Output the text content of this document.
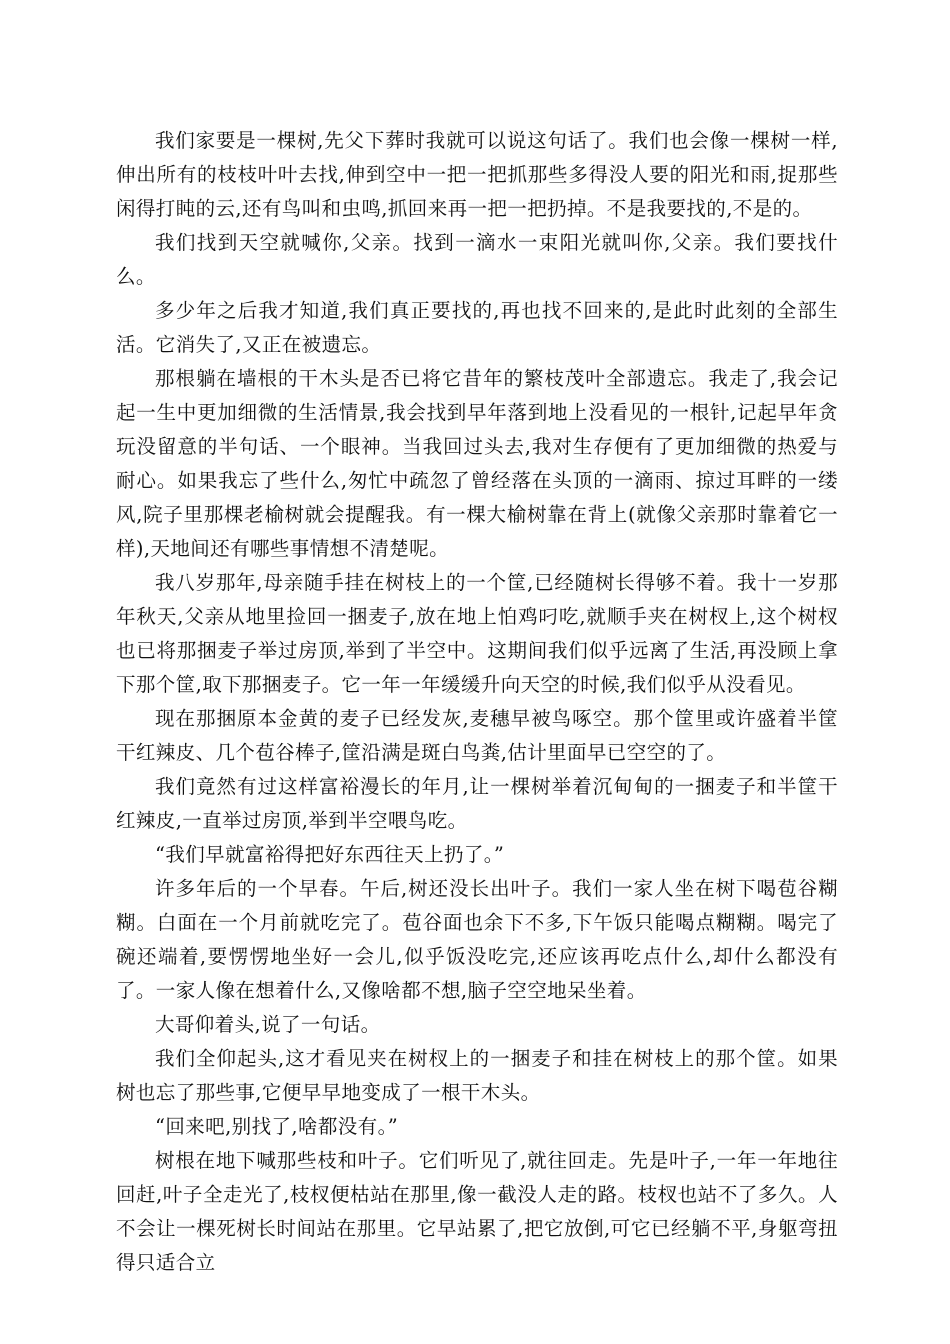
我们家要是一棵树,先父下葬时我就可以说这句话了。我们也会像一棵树一样,伸出所有的枝枝叶叶去找,伸到空中一把一把抓那些多得没人要的阳光和雨,捉那些闲得打盹的云,还有鸟叫和虫鸣,抓回来再一把一把扔掉。不是我要找的,不是的。

我们找到天空就喊你,父亲。找到一滴水一束阳光就叫你,父亲。我们要找什么。

多少年之后我才知道,我们真正要找的,再也找不回来的,是此时此刻的全部生活。它消失了,又正在被遗忘。

那根躺在墙根的干木头是否已将它昔年的繁枝茂叶全部遗忘。我走了,我会记起一生中更加细微的生活情景,我会找到早年落到地上没看见的一根针,记起早年贪玩没留意的半句话、一个眼神。当我回过头去,我对生存便有了更加细微的热爱与耐心。如果我忘了些什么,匆忙中疏忽了曾经落在头顶的一滴雨、掠过耳畔的一缕风,院子里那棵老榆树就会提醒我。有一棵大榆树靠在背上(就像父亲那时靠着它一样),天地间还有哪些事情想不清楚呢。

我八岁那年,母亲随手挂在树枝上的一个筐,已经随树长得够不着。我十一岁那年秋天,父亲从地里捡回一捆麦子,放在地上怕鸡叼吃,就顺手夹在树杈上,这个树杈也已将那捆麦子举过房顶,举到了半空中。这期间我们似乎远离了生活,再没顾上拿下那个筐,取下那捆麦子。它一年一年缓缓升向天空的时候,我们似乎从没看见。

现在那捆原本金黄的麦子已经发灰,麦穗早被鸟啄空。那个筐里或许盛着半筐干红辣皮、几个苞谷棒子,筐沿满是斑白鸟粪,估计里面早已空空的了。

我们竟然有过这样富裕漫长的年月,让一棵树举着沉甸甸的一捆麦子和半筐干红辣皮,一直举过房顶,举到半空喂鸟吃。

“我们早就富裕得把好东西往天上扔了。”

许多年后的一个早春。午后,树还没长出叶子。我们一家人坐在树下喝苞谷糊糊。白面在一个月前就吃完了。苞谷面也余下不多,下午饭只能喝点糊糊。喝完了碗还端着,要愣愣地坐好一会儿,似乎饭没吃完,还应该再吃点什么,却什么都没有了。一家人像在想着什么,又像啥都不想,脑子空空地呆坐着。

大哥仰着头,说了一句话。

我们全仰起头,这才看见夹在树杈上的一捆麦子和挂在树枝上的那个筐。如果树也忘了那些事,它便早早地变成了一根干木头。

“回来吧,别找了,啥都没有。”

树根在地下喊那些枝和叶子。它们听见了,就往回走。先是叶子,一年一年地往回赶,叶子全走光了,枝杈便枯站在那里,像一截没人走的路。枝杈也站不了多久。人不会让一棵死树长时间站在那里。它早站累了,把它放倒,可它已经躺不平,身躯弯扭得只适合立
